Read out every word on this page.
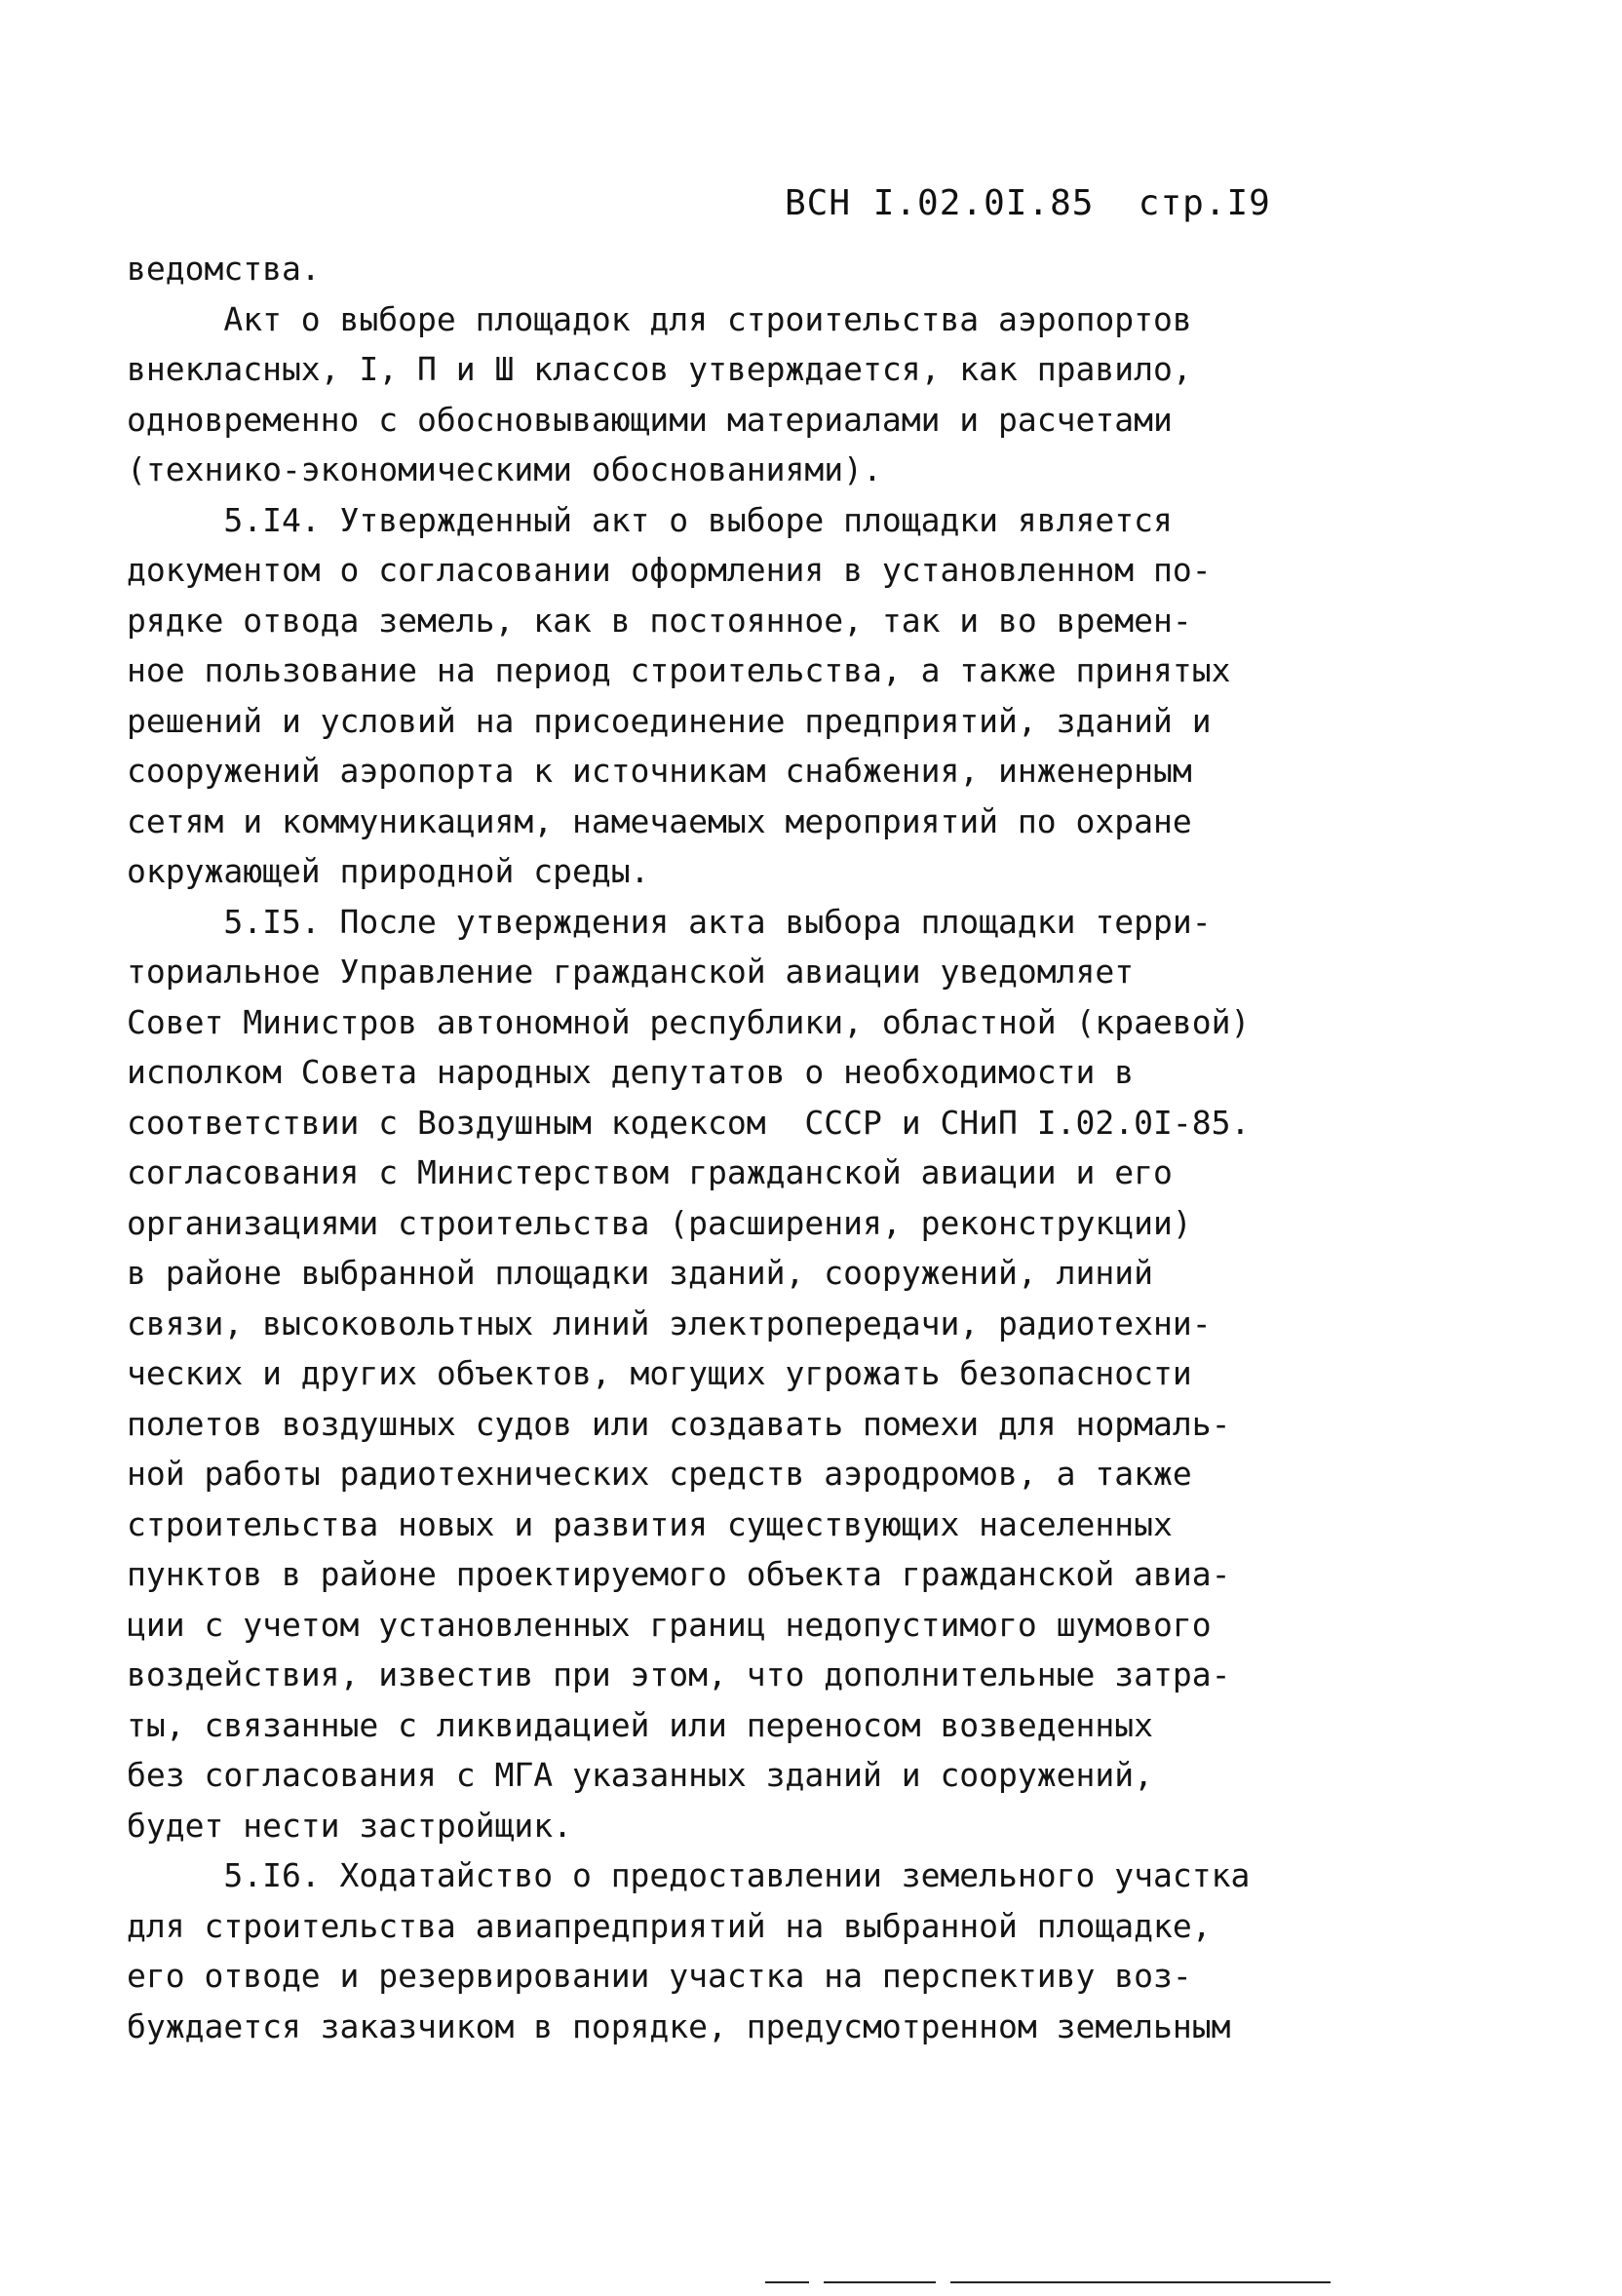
ВСН I.02.0I.85 стр.I9
ведомства.
Акт о выборе площадок для строительства аэропортов
внекласных, I, П и Ш классов утверждается, как правило,
одновременно с обосновывающими материалами и расчетами
(технико-экономическими обоснованиями).
5.I4. Утвержденный акт о выборе площадки является
документом о согласовании оформления в установленном по-
рядке отвода земель, как в постоянное, так и во времен-
ное пользование на период строительства, а также принятых
решений и условий на присоединение предприятий, зданий и
сооружений аэропорта к источникам снабжения, инженерным
сетям и коммуникациям, намечаемых мероприятий по охране
окружающей природной среды.
5.I5. После утверждения акта выбора площадки терри-
ториальное Управление гражданской авиации уведомляет
Совет Министров автономной республики, областной (краевой)
исполком Совета народных депутатов о необходимости в
соответствии с Воздушным кодексом  СССР и СНиП I.02.0I-85.
согласования с Министерством гражданской авиации и его
организациями строительства (расширения, реконструкции)
в районе выбранной площадки зданий, сооружений, линий
связи, высоковольтных линий электропередачи, радиотехни-
ческих и других объектов, могущих угрожать безопасности
полетов воздушных судов или создавать помехи для нормаль-
ной работы радиотехнических средств аэродромов, а также
строительства новых и развития существующих населенных
пунктов в районе проектируемого объекта гражданской авиа-
ции с учетом установленных границ недопустимого шумового
воздействия, известив при этом, что дополнительные затра-
ты, связанные с ликвидацией или переносом возведенных
без согласования с МГА указанных зданий и сооружений,
будет нести застройщик.
5.I6. Ходатайство о предоставлении земельного участка
для строительства авиапредприятий на выбранной площадке,
его отводе и резервировании участка на перспективу воз-
буждается заказчиком в порядке, предусмотренном земельным
